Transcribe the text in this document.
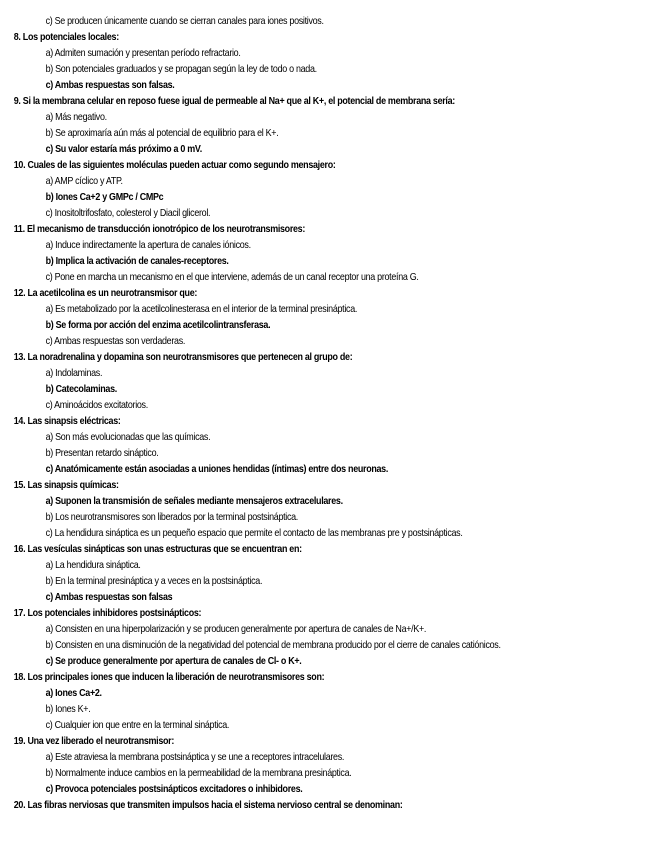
c) Se producen únicamente cuando se cierran canales para iones positivos.
8. Los potenciales locales:
a) Admiten sumación y presentan período refractario.
b) Son potenciales graduados y se propagan según la ley de todo o nada.
c) Ambas respuestas son falsas.
9. Si la membrana celular en reposo fuese igual de permeable al Na+ que al K+, el potencial de membrana sería:
a) Más negativo.
b) Se aproximaría aún más al potencial de equilibrio para el K+.
c) Su valor estaría más próximo a 0 mV.
10. Cuales de las siguientes moléculas pueden actuar como segundo mensajero:
a) AMP cíclico y ATP.
b) Iones Ca+2 y GMPc / CMPc
c) Inositoltrifosfato, colesterol y Diacil glicerol.
11. El mecanismo de transducción ionotrópico de los neurotransmisores:
a) Induce indirectamente la apertura de canales iónicos.
b) Implica la activación de canales-receptores.
c) Pone en marcha un mecanismo en el que interviene, además de un canal receptor una proteína G.
12. La acetilcolina es un neurotransmisor que:
a) Es metabolizado por la acetilcolinesterasa en el interior de la terminal presináptica.
b) Se forma por acción del enzima acetilcolintransferasa.
c) Ambas respuestas son verdaderas.
13. La noradrenalina y dopamina son neurotransmisores que pertenecen al grupo de:
a) Indolaminas.
b) Catecolaminas.
c) Aminoácidos excitatorios.
14. Las sinapsis eléctricas:
a) Son más evolucionadas que las químicas.
b) Presentan retardo sináptico.
c) Anatómicamente están asociadas a uniones hendidas (íntimas) entre dos neuronas.
15. Las sinapsis químicas:
a) Suponen la transmisión de señales mediante mensajeros extracelulares.
b) Los neurotransmisores son liberados por la terminal postsináptica.
c) La hendidura sináptica es un pequeño espacio que permite el contacto de las membranas pre y postsinápticas.
16. Las vesículas sinápticas son unas estructuras que se encuentran en:
a) La hendidura sináptica.
b) En la terminal presináptica y a veces en la postsináptica.
c) Ambas respuestas son falsas
17. Los potenciales inhibidores postsinápticos:
a) Consisten en una hiperpolarización y se producen generalmente por apertura de canales de Na+/K+.
b) Consisten en una disminución de la negatividad del potencial de membrana producido por el cierre de canales catiónicos.
c) Se produce generalmente por apertura de canales de Cl- o K+.
18. Los principales iones que inducen la liberación de neurotransmisores son:
a) Iones Ca+2.
b) Iones K+.
c) Cualquier ion que entre en la terminal sináptica.
19. Una vez liberado el neurotransmisor:
a) Este atraviesa la membrana postsináptica y se une a receptores intracelulares.
b) Normalmente induce cambios en la permeabilidad de la membrana presináptica.
c) Provoca potenciales postsinápticos excitadores o inhibidores.
20. Las fibras nerviosas que transmiten impulsos hacia el sistema nervioso central se denominan:
